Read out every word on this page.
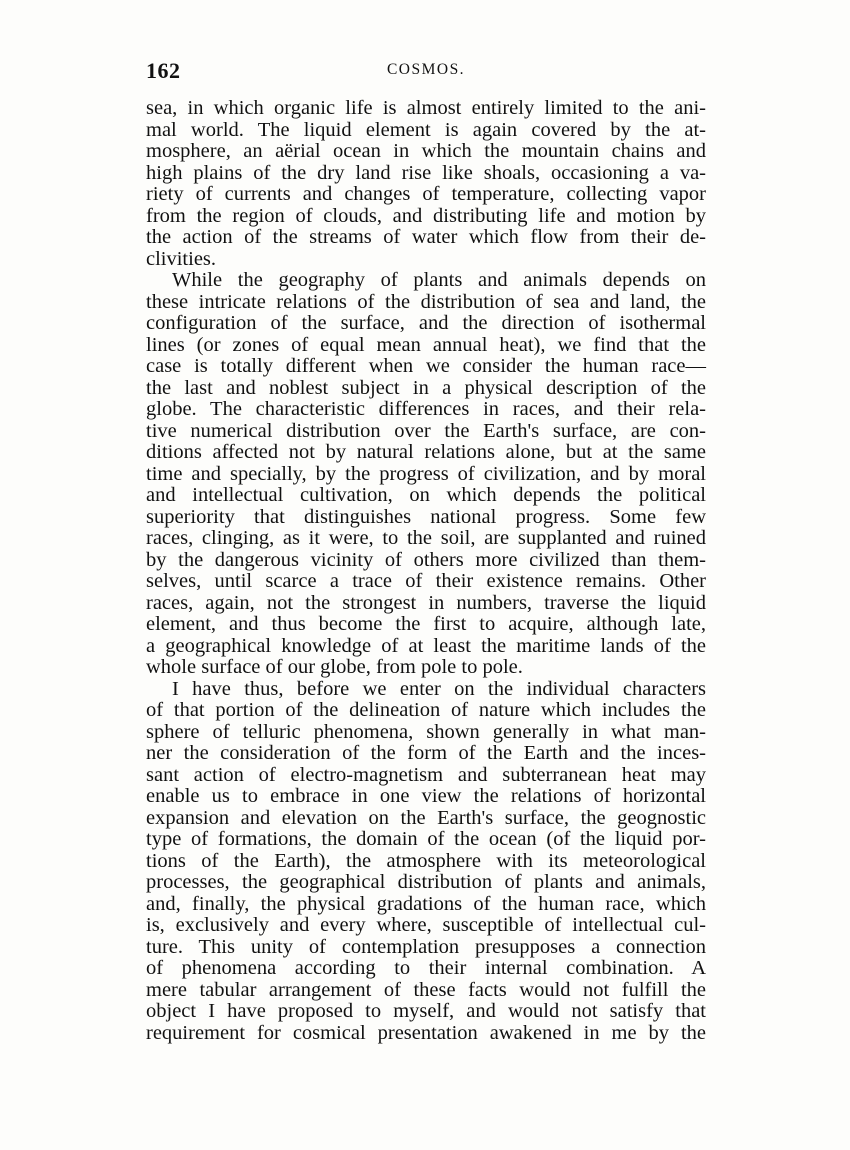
162	COSMOS.
sea, in which organic life is almost entirely limited to the ani-
mal world. The liquid element is again covered by the at-
mosphere, an aërial ocean in which the mountain chains and
high plains of the dry land rise like shoals, occasioning a va-
riety of currents and changes of temperature, collecting vapor
from the region of clouds, and distributing life and motion by
the action of the streams of water which flow from their de-
clivities.
While the geography of plants and animals depends on
these intricate relations of the distribution of sea and land, the
configuration of the surface, and the direction of isothermal
lines (or zones of equal mean annual heat), we find that the
case is totally different when we consider the human race—
the last and noblest subject in a physical description of the
globe. The characteristic differences in races, and their rela-
tive numerical distribution over the Earth's surface, are con-
ditions affected not by natural relations alone, but at the same
time and specially, by the progress of civilization, and by moral
and intellectual cultivation, on which depends the political
superiority that distinguishes national progress. Some few
races, clinging, as it were, to the soil, are supplanted and ruined
by the dangerous vicinity of others more civilized than them-
selves, until scarce a trace of their existence remains. Other
races, again, not the strongest in numbers, traverse the liquid
element, and thus become the first to acquire, although late,
a geographical knowledge of at least the maritime lands of the
whole surface of our globe, from pole to pole.
I have thus, before we enter on the individual characters
of that portion of the delineation of nature which includes the
sphere of telluric phenomena, shown generally in what man-
ner the consideration of the form of the Earth and the inces-
sant action of electro-magnetism and subterranean heat may
enable us to embrace in one view the relations of horizontal
expansion and elevation on the Earth's surface, the geognostic
type of formations, the domain of the ocean (of the liquid por-
tions of the Earth), the atmosphere with its meteorological
processes, the geographical distribution of plants and animals,
and, finally, the physical gradations of the human race, which
is, exclusively and every where, susceptible of intellectual cul-
ture. This unity of contemplation presupposes a connection
of phenomena according to their internal combination. A
mere tabular arrangement of these facts would not fulfill the
object I have proposed to myself, and would not satisfy that
requirement for cosmical presentation awakened in me by the
